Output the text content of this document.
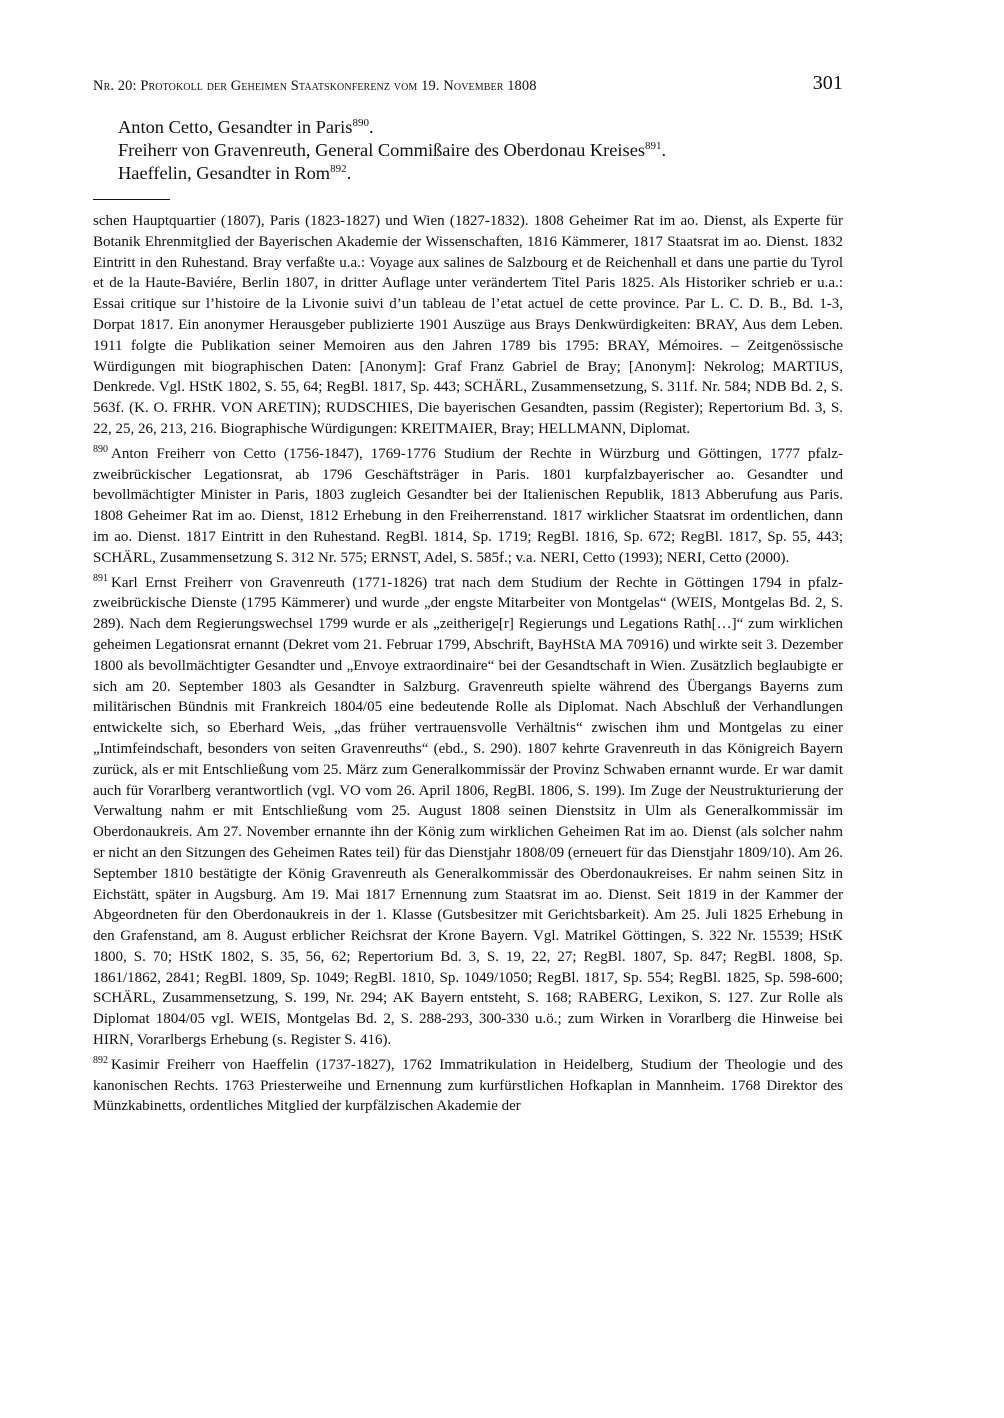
Nr. 20: Protokoll der Geheimen Staatskonferenz vom 19. November 1808	301
Anton Cetto, Gesandter in Paris$^{890}$.
Freiherr von Gravenreuth, General Commißaire des Oberdonau Kreises$^{891}$.
Haeffelin, Gesandter in Rom$^{892}$.

schen Hauptquartier (1807), Paris (1823-1827) und Wien (1827-1832). 1808 Geheimer Rat im ao. Dienst, als Experte für Botanik Ehrenmitglied der Bayerischen Akademie der Wissenschaften, 1816 Kämmerer, 1817 Staatsrat im ao. Dienst. 1832 Eintritt in den Ruhestand. Bray verfaßte u.a.: Voyage aux salines de Salzbourg et de Reichenhall et dans une partie du Tyrol et de la Haute-Baviére, Berlin 1807, in dritter Auflage unter verändertem Titel Paris 1825. Als Historiker schrieb er u.a.: Essai critique sur l’histoire de la Livonie suivi d’un tableau de l’etat actuel de cette province. Par L. C. D. B., Bd. 1-3, Dorpat 1817. Ein anonymer Herausgeber publizierte 1901 Auszüge aus Brays Denkwürdigkeiten: BRAY, Aus dem Leben. 1911 folgte die Publikation seiner Memoiren aus den Jahren 1789 bis 1795: BRAY, Mémoires. – Zeitgenössische Würdigungen mit biographischen Daten: [Anonym]: Graf Franz Gabriel de Bray; [Anonym]: Nekrolog; MARTIUS, Denkrede. Vgl. HStK 1802, S. 55, 64; RegBl. 1817, Sp. 443; SCHÄRL, Zusammensetzung, S. 311f. Nr. 584; NDB Bd. 2, S. 563f. (K. O. FRHR. VON ARETIN); RUDSCHIES, Die bayerischen Gesandten, passim (Register); Repertorium Bd. 3, S. 22, 25, 26, 213, 216. Biographische Würdigungen: KREITMAIER, Bray; HELLMANN, Diplomat.

$^{890}$ Anton Freiherr von Cetto (1756-1847), 1769-1776 Studium der Rechte in Würzburg und Göttingen, 1777 pfalz-zweibrückischer Legationsrat, ab 1796 Geschäftsträger in Paris. 1801 kurpfalzbayerischer ao. Gesandter und bevollmächtigter Minister in Paris, 1803 zugleich Gesandter bei der Italienischen Republik, 1813 Abberufung aus Paris. 1808 Geheimer Rat im ao. Dienst, 1812 Erhebung in den Freiherrenstand. 1817 wirklicher Staatsrat im ordentlichen, dann im ao. Dienst. 1817 Eintritt in den Ruhestand. RegBl. 1814, Sp. 1719; RegBl. 1816, Sp. 672; RegBl. 1817, Sp. 55, 443; SCHÄRL, Zusammensetzung S. 312 Nr. 575; ERNST, Adel, S. 585f.; v.a. NERI, Cetto (1993); NERI, Cetto (2000).

$^{891}$ Karl Ernst Freiherr von Gravenreuth (1771-1826) trat nach dem Studium der Rechte in Göttingen 1794 in pfalz-zweibrückische Dienste (1795 Kämmerer) und wurde „der engste Mitarbeiter von Montgelas“ (WEIS, Montgelas Bd. 2, S. 289). Nach dem Regierungswechsel 1799 wurde er als „zeitherige[r] Regierungs und Legations Rath[…]“ zum wirklichen geheimen Legationsrat ernannt (Dekret vom 21. Februar 1799, Abschrift, BayHStA MA 70916) und wirkte seit 3. Dezember 1800 als bevollmächtigter Gesandter und „Envoye extraordinaire“ bei der Gesandtschaft in Wien. Zusätzlich beglaubigte er sich am 20. September 1803 als Gesandter in Salzburg. Gravenreuth spielte während des Übergangs Bayerns zum militärischen Bündnis mit Frankreich 1804/05 eine bedeutende Rolle als Diplomat. Nach Abschluß der Verhandlungen entwickelte sich, so Eberhard Weis, „das früher vertrauensvolle Verhältnis“ zwischen ihm und Montgelas zu einer „Intimfeindschaft, besonders von seiten Gravenreuths“ (ebd., S. 290). 1807 kehrte Gravenreuth in das Königreich Bayern zurück, als er mit Entschließung vom 25. März zum Generalkommissär der Provinz Schwaben ernannt wurde. Er war damit auch für Vorarlberg verantwortlich (vgl. VO vom 26. April 1806, RegBl. 1806, S. 199). Im Zuge der Neustrukturierung der Verwaltung nahm er mit Entschließung vom 25. August 1808 seinen Dienstsitz in Ulm als Generalkommissär im Oberdonaukreis. Am 27. November ernannte ihn der König zum wirklichen Geheimen Rat im ao. Dienst (als solcher nahm er nicht an den Sitzungen des Geheimen Rates teil) für das Dienstjahr 1808/09 (erneuert für das Dienstjahr 1809/10). Am 26. September 1810 bestätigte der König Gravenreuth als Generalkommissär des Oberdonaukreises. Er nahm seinen Sitz in Eichstätt, später in Augsburg. Am 19. Mai 1817 Ernennung zum Staatsrat im ao. Dienst. Seit 1819 in der Kammer der Abgeordneten für den Oberdonaukreis in der 1. Klasse (Gutsbesitzer mit Gerichtsbarkeit). Am 25. Juli 1825 Erhebung in den Grafenstand, am 8. August erblicher Reichsrat der Krone Bayern. Vgl. Matrikel Göttingen, S. 322 Nr. 15539; HStK 1800, S. 70; HStK 1802, S. 35, 56, 62; Repertorium Bd. 3, S. 19, 22, 27; RegBl. 1807, Sp. 847; RegBl. 1808, Sp. 1861/1862, 2841; RegBl. 1809, Sp. 1049; RegBl. 1810, Sp. 1049/1050; RegBl. 1817, Sp. 554; RegBl. 1825, Sp. 598-600; SCHÄRL, Zusammensetzung, S. 199, Nr. 294; AK Bayern entsteht, S. 168; RABERG, Lexikon, S. 127. Zur Rolle als Diplomat 1804/05 vgl. WEIS, Montgelas Bd. 2, S. 288-293, 300-330 u.ö.; zum Wirken in Vorarlberg die Hinweise bei HIRN, Vorarlbergs Erhebung (s. Register S. 416).

$^{892}$ Kasimir Freiherr von Haeffelin (1737-1827), 1762 Immatrikulation in Heidelberg, Studium der Theologie und des kanonischen Rechts. 1763 Priesterweihe und Ernennung zum kurfürstlichen Hofkaplan in Mannheim. 1768 Direktor des Münzkabinetts, ordentliches Mitglied der kurpfälzischen Akademie der
